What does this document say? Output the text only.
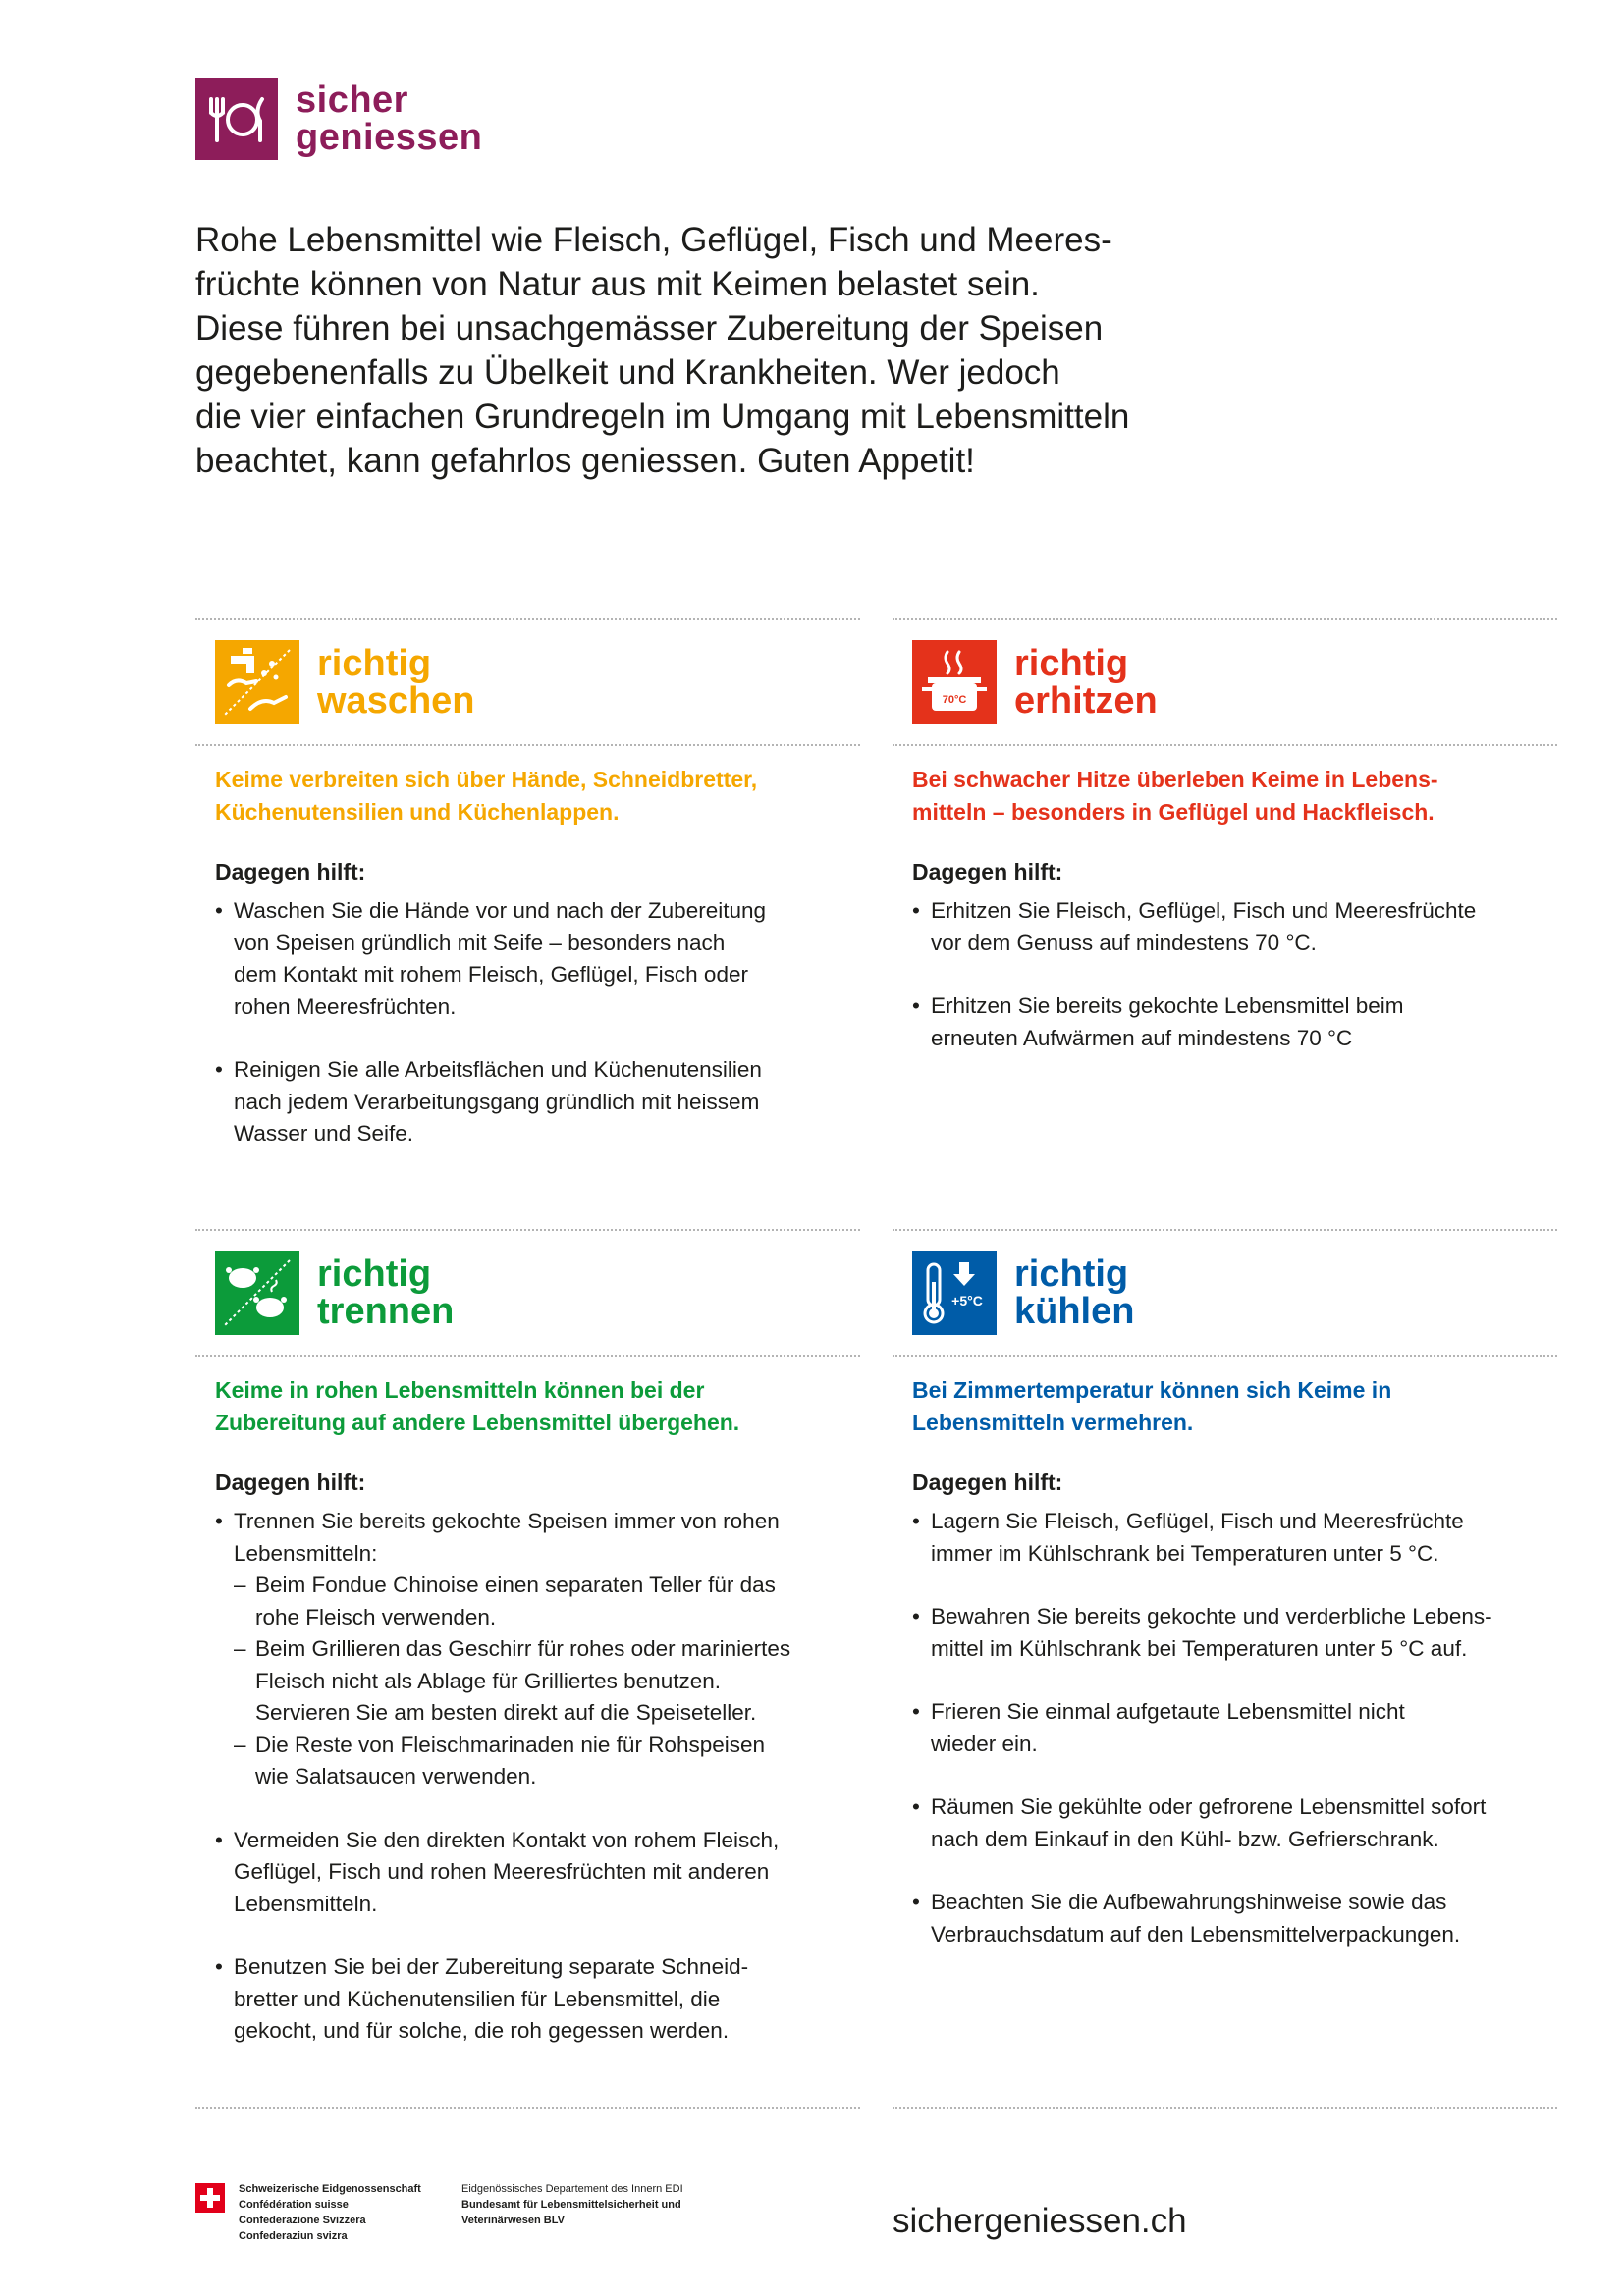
sicher
geniessen
Rohe Lebensmittel wie Fleisch, Geflügel, Fisch und Meeres-
früchte können von Natur aus mit Keimen belastet sein.
Diese führen bei unsachgemässer Zubereitung der Speisen
gegebenenfalls zu Übelkeit und Krankheiten. Wer jedoch
die vier einfachen Grundregeln im Umgang mit Lebensmitteln
beachtet, kann gefahrlos geniessen. Guten Appetit!
richtig
waschen

Keime verbreiten sich über Hände, Schneidbretter,
Küchenutensilien und Küchenlappen.

Dagegen hilft:

• Waschen Sie die Hände vor und nach der Zubereitung
von Speisen gründlich mit Seife – besonders nach
dem Kontakt mit rohem Fleisch, Geflügel, Fisch oder
rohen Meeresfrüchten.
• Reinigen Sie alle Arbeitsflächen und Küchenutensilien
nach jedem Verarbeitungsgang gründlich mit heissem
Wasser und Seife.
70°C
richtig
erhitzen

Bei schwacher Hitze überleben Keime in Lebens-
mitteln – besonders in Geflügel und Hackfleisch.

Dagegen hilft:

• Erhitzen Sie Fleisch, Geflügel, Fisch und Meeresfrüchte
vor dem Genuss auf mindestens 70 °C.
• Erhitzen Sie bereits gekochte Lebensmittel beim
erneuten Aufwärmen auf mindestens 70 °C
richtig
trennen

Keime in rohen Lebensmitteln können bei der
Zubereitung auf andere Lebensmittel übergehen.

Dagegen hilft:

• Trennen Sie bereits gekochte Speisen immer von rohen
Lebensmitteln:
– Beim Fondue Chinoise einen separaten Teller für das
rohe Fleisch verwenden.
– Beim Grillieren das Geschirr für rohes oder mariniertes
Fleisch nicht als Ablage für Grilliertes benutzen.
Servieren Sie am besten direkt auf die Speiseteller.
– Die Reste von Fleischmarinaden nie für Rohspeisen
wie Salatsaucen verwenden.
• Vermeiden Sie den direkten Kontakt von rohem Fleisch,
Geflügel, Fisch und rohen Meeresfrüchten mit anderen
Lebensmitteln.
• Benutzen Sie bei der Zubereitung separate Schneid-
bretter und Küchenutensilien für Lebensmittel, die
gekocht, und für solche, die roh gegessen werden.
+5°C
richtig
kühlen

Bei Zimmertemperatur können sich Keime in
Lebensmitteln vermehren.

Dagegen hilft:

• Lagern Sie Fleisch, Geflügel, Fisch und Meeresfrüchte
immer im Kühlschrank bei Temperaturen unter 5 °C.
• Bewahren Sie bereits gekochte und verderbliche Lebens-
mittel im Kühlschrank bei Temperaturen unter 5 °C auf.
• Frieren Sie einmal aufgetaute Lebensmittel nicht
wieder ein.
• Räumen Sie gekühlte oder gefrorene Lebensmittel sofort
nach dem Einkauf in den Kühl- bzw. Gefrierschrank.
• Beachten Sie die Aufbewahrungshinweise sowie das
Verbrauchsdatum auf den Lebensmittelverpackungen.
Schweizerische Eidgenossenschaft
Confédération suisse
Confederazione Svizzera
Confederaziun svizra
Eidgenössisches Departement des Innern EDI
Bundesamt für Lebensmittelsicherheit und
Veterinärwesen BLV	sichergeniessen.ch
